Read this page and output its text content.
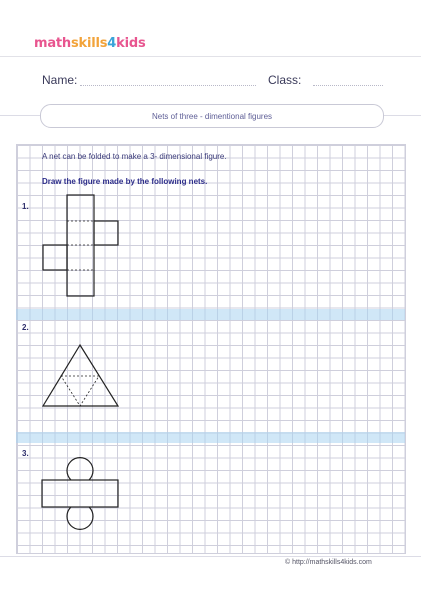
mathskills4kids
Name:	Class:
Nets of three - dimentional figures
A net can be folded to make a 3- dimensional figure.
Draw the figure made by the following nets.
1.
2.
3.
© http://mathskills4kids.com
